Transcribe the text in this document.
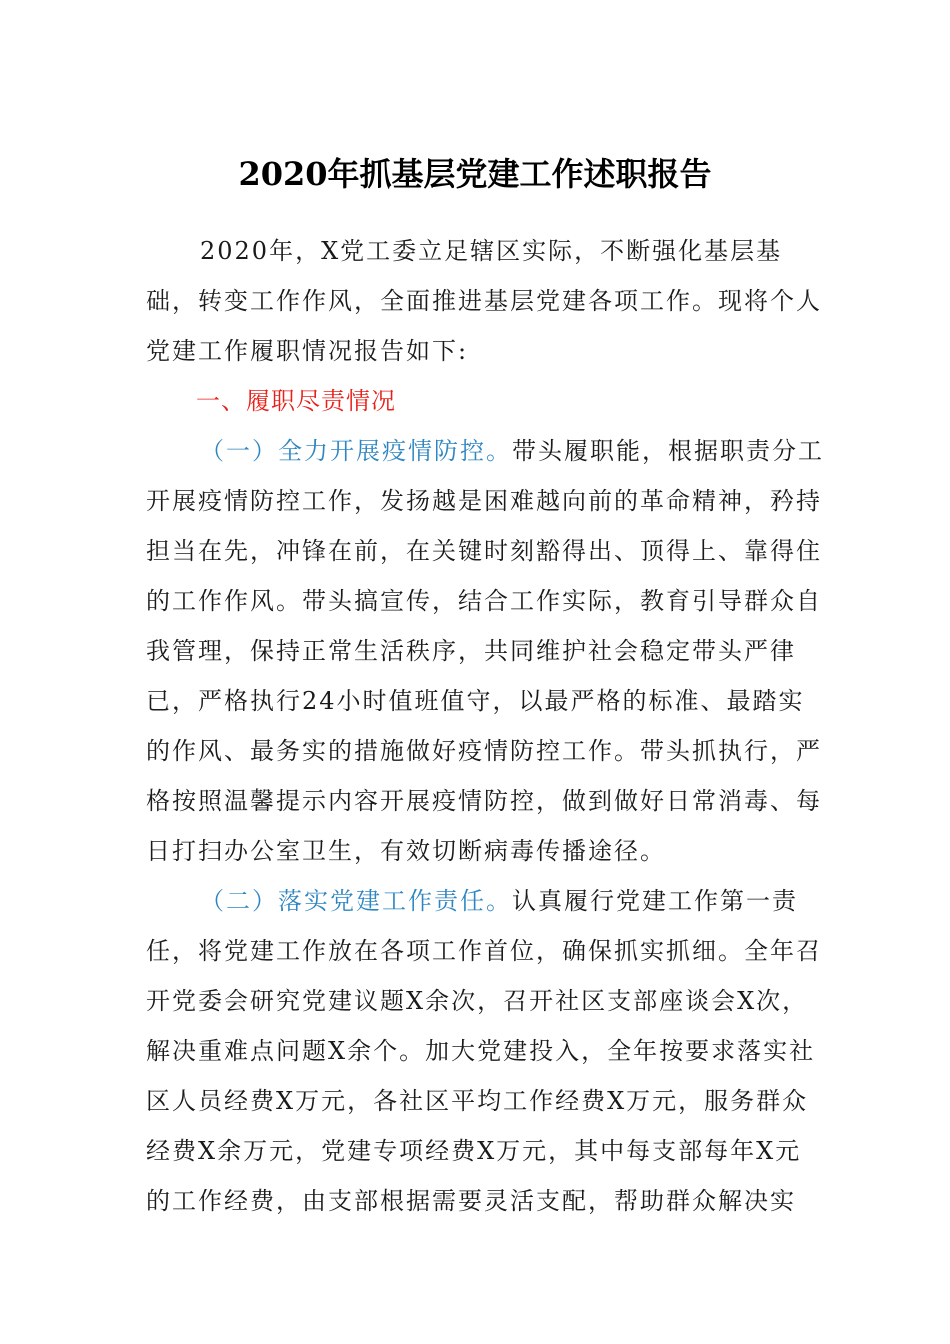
2020年抓基层党建工作述职报告

2020年，X党工委立足辖区实际，不断强化基层基础，转变工作作风，全面推进基层党建各项工作。现将个人党建工作履职情况报告如下:

一、履职尽责情况

（一）全力开展疫情防控。带头履职能，根据职责分工开展疫情防控工作，发扬越是困难越向前的革命精神，矜持担当在先，冲锋在前，在关键时刻豁得出、顶得上、靠得住的工作作风。带头搞宣传，结合工作实际，教育引导群众自我管理，保持正常生活秩序，共同维护社会稳定带头严律已，严格执行24小时值班值守，以最严格的标准、最踏实的作风、最务实的措施做好疫情防控工作。带头抓执行，严格按照温馨提示内容开展疫情防控，做到做好日常消毒、每日打扫办公室卫生，有效切断病毒传播途径。

（二）落实党建工作责任。认真履行党建工作第一责任，将党建工作放在各项工作首位，确保抓实抓细。全年召开党委会研究党建议题X余次，召开社区支部座谈会X次，解决重难点问题X余个。加大党建投入，全年按要求落实社区人员经费X万元，各社区平均工作经费X万元，服务群众经费X余万元，党建专项经费X万元，其中每支部每年X元的工作经费，由支部根据需要灵活支配，帮助群众解决实
